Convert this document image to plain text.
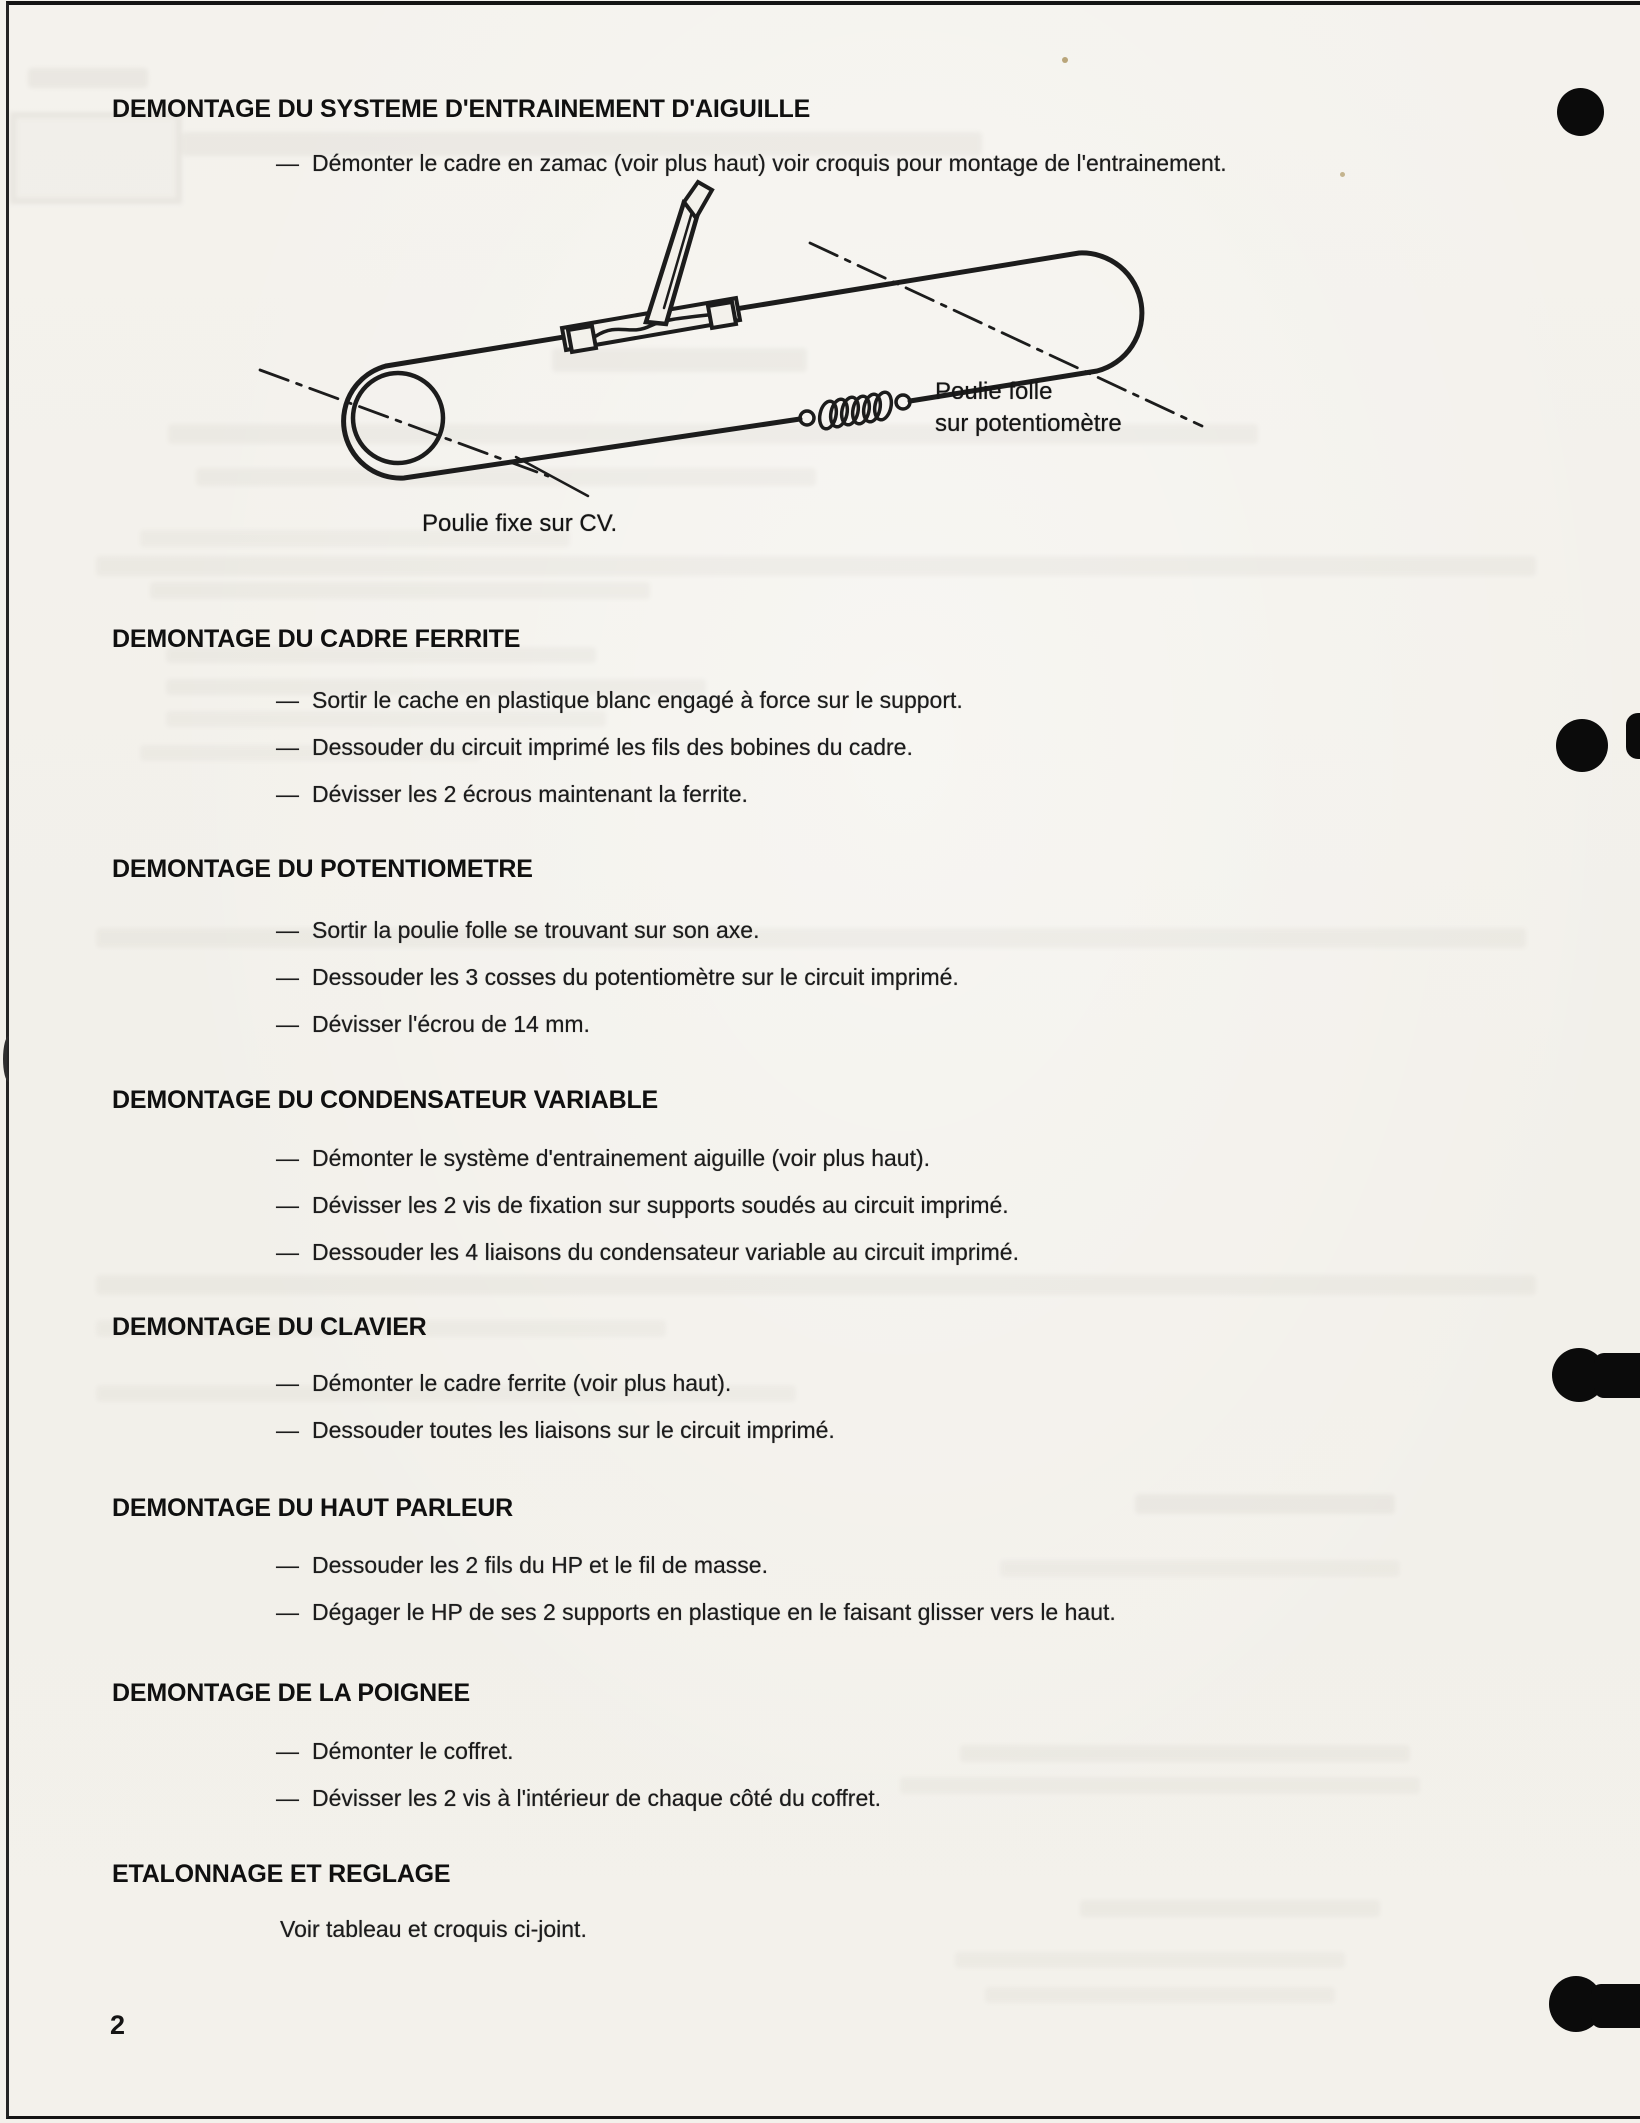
DEMONTAGE DU SYSTEME D'ENTRAINEMENT D'AIGUILLE
— Démonter le cadre en zamac (voir plus haut) voir croquis pour montage de l'entrainement.
Poulie folle
sur potentiomètre
Poulie fixe sur CV.
DEMONTAGE DU CADRE FERRITE
— Sortir le cache en plastique blanc engagé à force sur le support.
— Dessouder du circuit imprimé les fils des bobines du cadre.
— Dévisser les 2 écrous maintenant la ferrite.
DEMONTAGE DU POTENTIOMETRE
— Sortir la poulie folle se trouvant sur son axe.
— Dessouder les 3 cosses du potentiomètre sur le circuit imprimé.
— Dévisser l'écrou de 14 mm.
DEMONTAGE DU CONDENSATEUR VARIABLE
— Démonter le système d'entrainement aiguille (voir plus haut).
— Dévisser les 2 vis de fixation sur supports soudés au circuit imprimé.
— Dessouder les 4 liaisons du condensateur variable au circuit imprimé.
DEMONTAGE DU CLAVIER
— Démonter le cadre ferrite (voir plus haut).
— Dessouder toutes les liaisons sur le circuit imprimé.
DEMONTAGE DU HAUT PARLEUR
— Dessouder les 2 fils du HP et le fil de masse.
— Dégager le HP de ses 2 supports en plastique en le faisant glisser vers le haut.
DEMONTAGE DE LA POIGNEE
— Démonter le coffret.
— Dévisser les 2 vis à l'intérieur de chaque côté du coffret.
ETALONNAGE ET REGLAGE
Voir tableau et croquis ci-joint.
2
